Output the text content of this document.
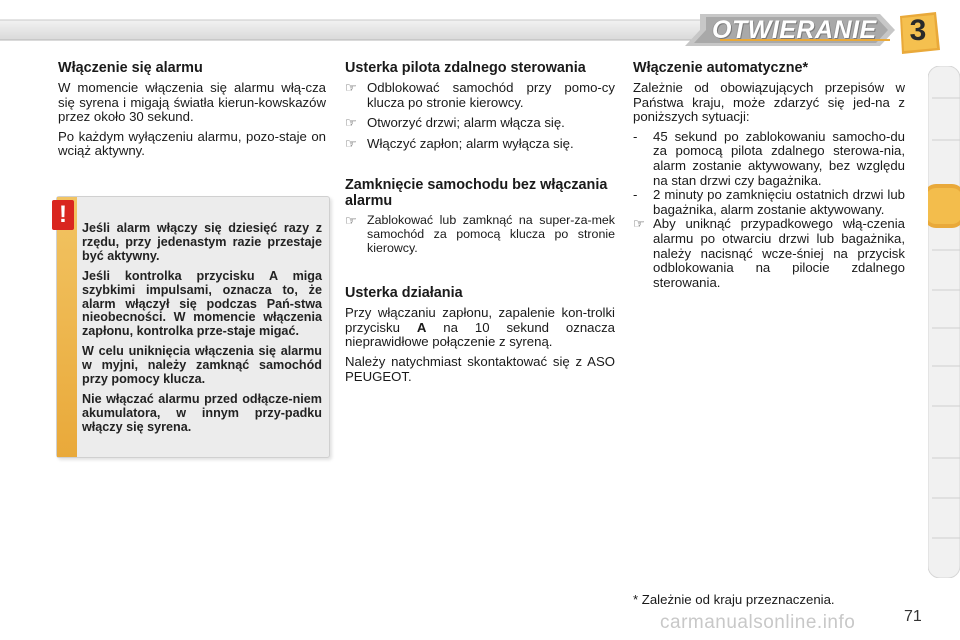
OTWIERANIE	3
Włączenie się alarmu

W momencie włączenia się alarmu włą-cza się syrena i migają światła kierun-kowskazów przez około 30 sekund.

Po każdym wyłączeniu alarmu, pozo-staje on wciąż aktywny.

!	Jeśli alarm włączy się dziesięć razy z rzędu, przy jedenastym razie przestaje być aktywny.

Jeśli kontrolka przycisku A miga szybkimi impulsami, oznacza to, że alarm włączył się podczas Pań-stwa nieobecności. W momencie włączenia zapłonu, kontrolka prze-staje migać.

W celu uniknięcia włączenia się alarmu w myjni, należy zamknąć samochód przy pomocy klucza.

Nie włączać alarmu przed odłącze-niem akumulatora, w innym przy-padku włączy się syrena.

Usterka pilota zdalnego sterowania
☞ Odblokować samochód przy pomo-cy klucza po stronie kierowcy.
☞ Otworzyć drzwi; alarm włącza się.
☞ Włączyć zapłon; alarm wyłącza się.
Zamknięcie samochodu bez włączania alarmu
☞ Zablokować lub zamknąć na super-za-mek samochód za pomocą klucza po stronie kierowcy.
Usterka działania

Przy włączaniu zapłonu, zapalenie kon-trolki przycisku A na 10 sekund oznacza nieprawidłowe połączenie z syreną.

Należy natychmiast skontaktować się z ASO PEUGEOT.

Włączenie automatyczne*

Zależnie od obowiązujących przepisów w Państwa kraju, może zdarzyć się jed-na z poniższych sytuacji:

- 45 sekund po zablokowaniu samocho-du za pomocą pilota zdalnego sterowa-nia, alarm zostanie aktywowany, bez względu na stan drzwi czy bagażnika.
- 2 minuty po zamknięciu ostatnich drzwi lub bagażnika, alarm zostanie aktywowany.
☞ Aby uniknąć przypadkowego włą-czenia alarmu po otwarciu drzwi lub bagażnika, należy nacisnąć wcze-śniej na przycisk odblokowania na pilocie zdalnego sterowania.
* Zależnie od kraju przeznaczenia.
carmanualsonline.info	71
